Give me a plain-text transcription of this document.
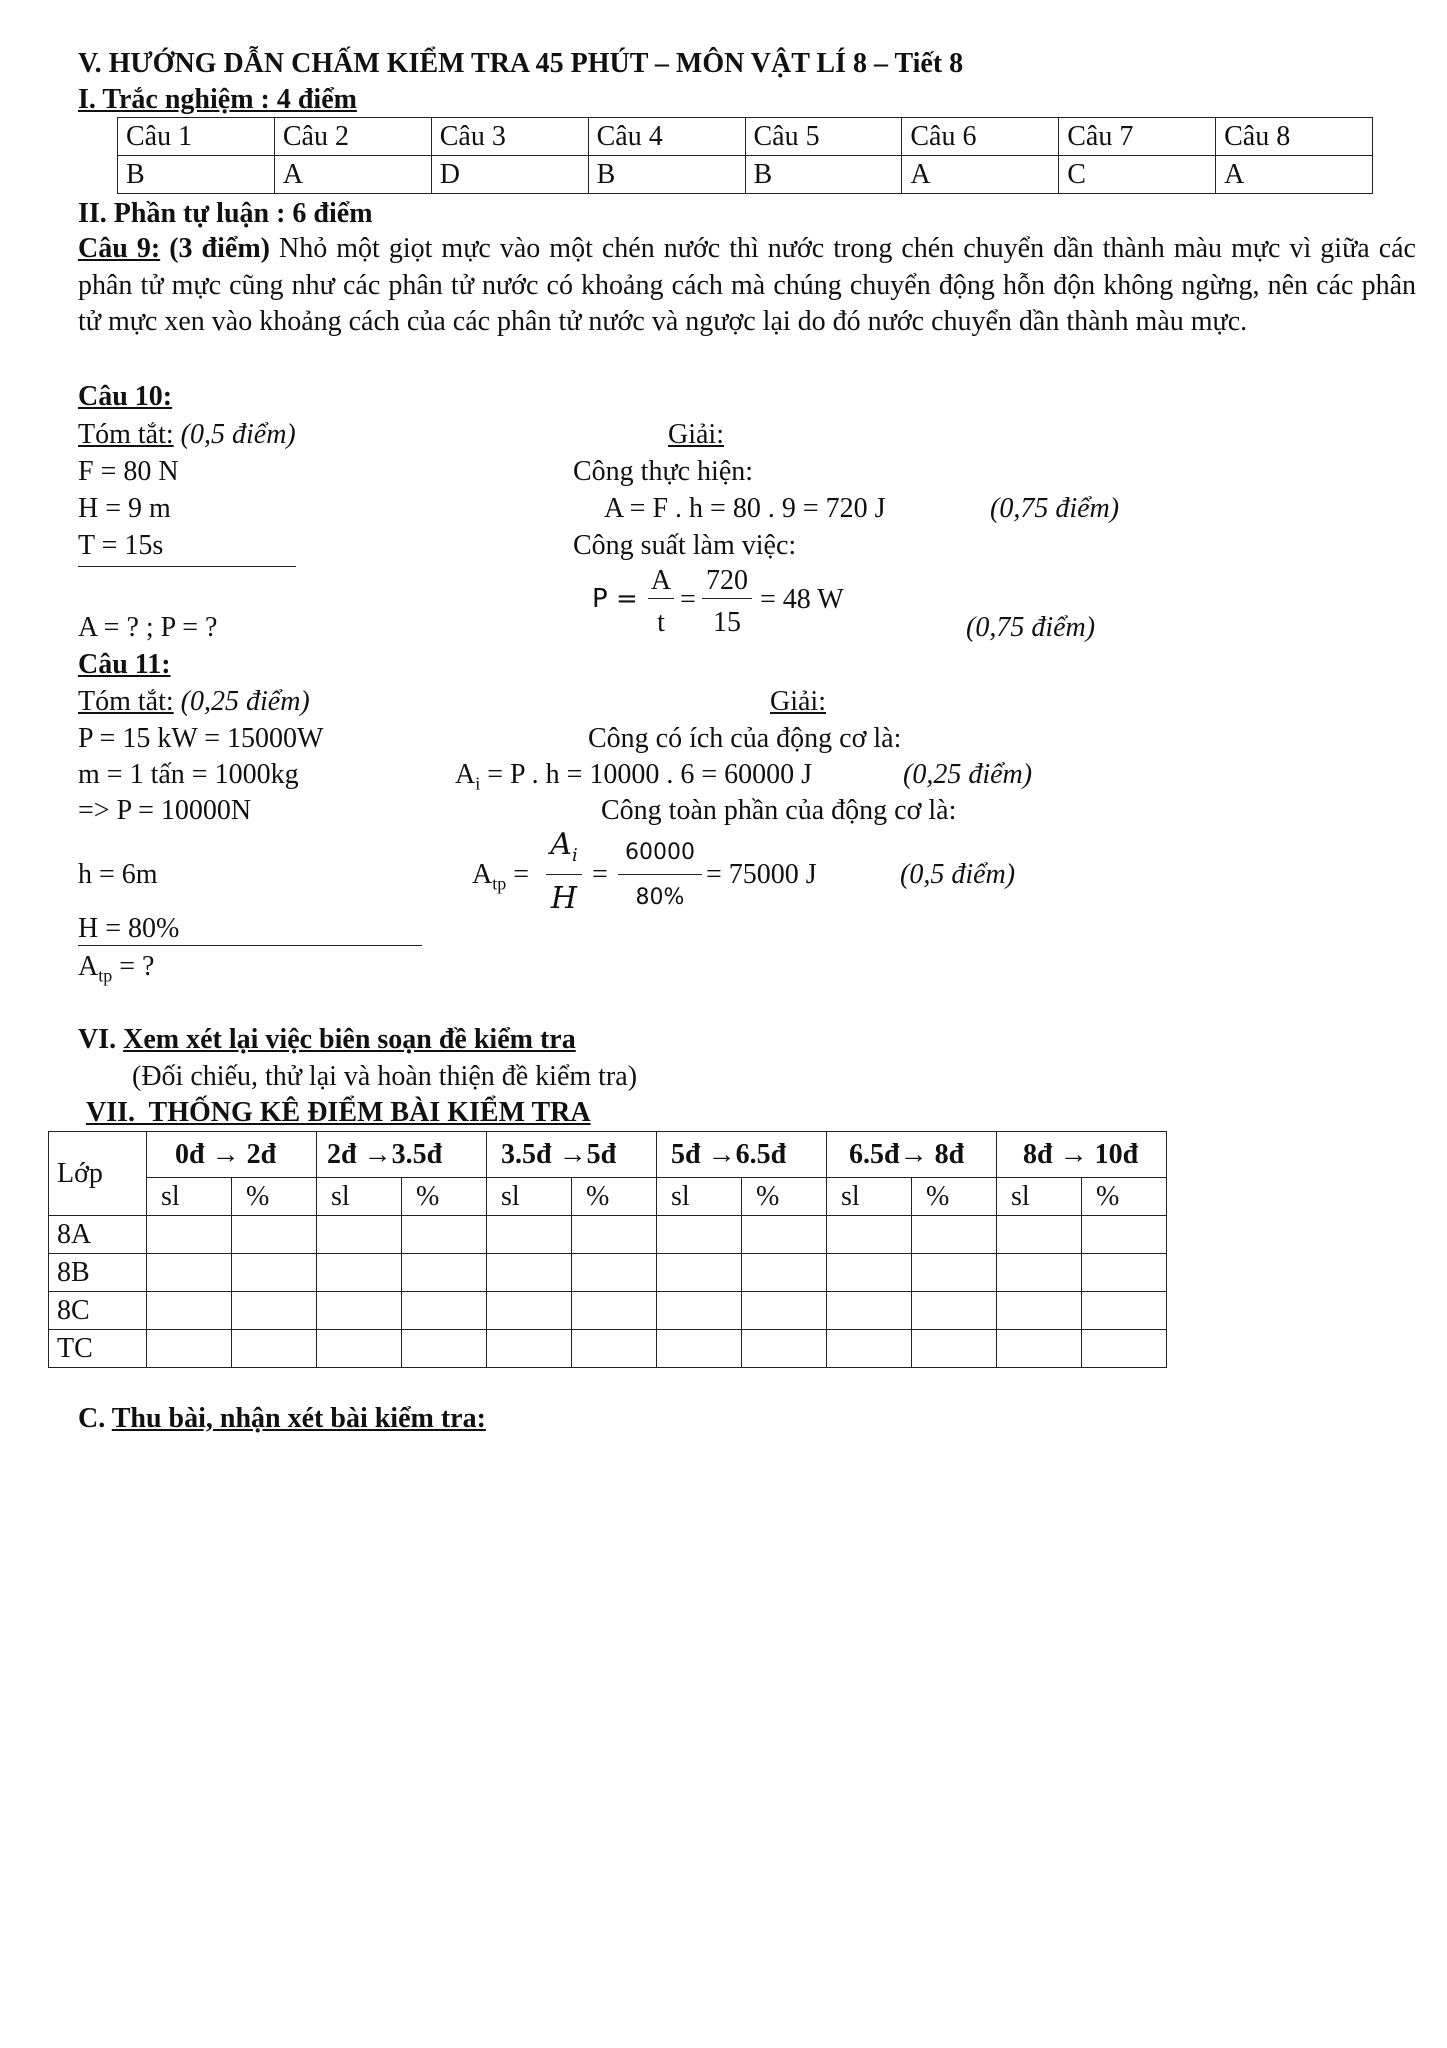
V. HƯỚNG DẪN CHẤM KIỂM TRA 45 PHÚT – MÔN VẬT LÍ 8 – Tiết 8
I. Trắc nghiệm : 4 điểm
Câu 1	Câu 2	Câu 3	Câu 4	Câu 5	Câu 6	Câu 7	Câu 8
B	A	D	B	B	A	C	A
II. Phần tự luận : 6 điểm
Câu 9: (3 điểm) Nhỏ một giọt mực vào một chén nước thì nước trong chén chuyển dần thành màu mực vì giữa các phân tử mực cũng như các phân tử nước có khoảng cách mà chúng chuyển động hỗn độn không ngừng, nên các phân tử mực xen vào khoảng cách của các phân tử nước và ngược lại do đó nước chuyển dần thành màu mực.
Câu 10:
Tóm tắt: (0,5 điểm)	Giải:
F = 80 N	Công thực hiện:
H = 9 m	A = F . h = 80 . 9 = 720 J	(0,75 điểm)
T = 15s	Công suất làm việc:
P =
A
t
=
720
15
= 48 W
A = ? ; P = ?	(0,75 điểm)
Câu 11:
Tóm tắt: (0,25 điểm)	Giải:
P = 15 kW = 15000W	Công có ích của động cơ là:
m = 1 tấn = 1000kg	$A_i = P$ . h = 10000 . 6 = 60000 J	(0,25 điểm)
=> P = 10000N	Công toàn phần của động cơ là:
h = 6m	$A_{tp}$ =
$A_i$
H
=
60000
80%
= 75000 J	(0,5 điểm)
H = 80%
$A_{tp}$ = ?
VI. Xem xét lại việc biên soạn đề kiểm tra
(Đối chiếu, thử lại và hoàn thiện đề kiểm tra)
VII. THỐNG KÊ ĐIỂM BÀI KIỂM TRA
Lớp	0đ → 2đ		2đ →3.5đ		3.5đ →5đ		5đ →6.5đ		6.5đ→ 8đ		8đ → 10đ	
	sl	%	sl	%	sl	%	sl	%	sl	%	sl	%
8A												
8B												
8C												
TC												
C. Thu bài, nhận xét bài kiểm tra:
